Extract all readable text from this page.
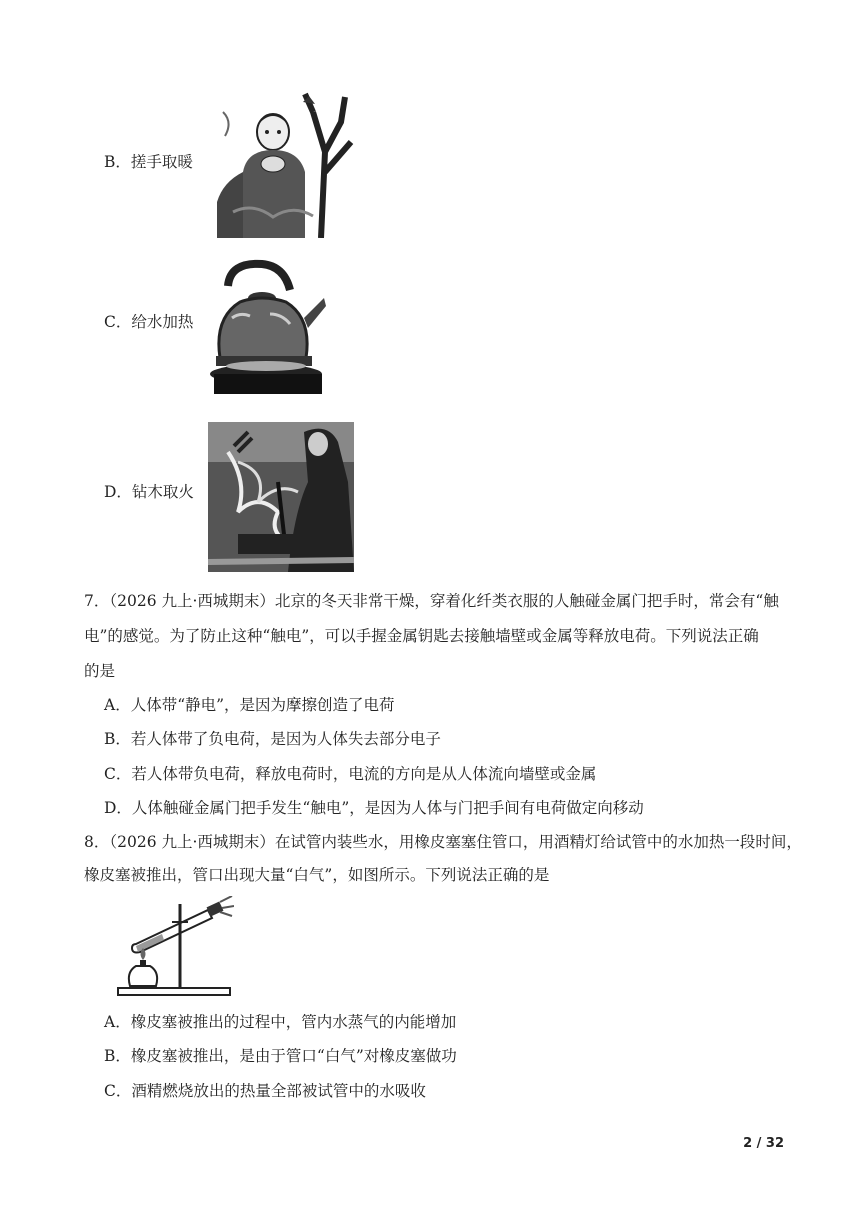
B．搓手取暖
C．给水加热
D．钻木取火
7．（2026 九上·西城期末）北京的冬天非常干燥，穿着化纤类衣服的人触碰金属门把手时，常会有“触
电”的感觉。为了防止这种“触电”，可以手握金属钥匙去接触墙壁或金属等释放电荷。下列说法正确
的是
A．人体带“静电”，是因为摩擦创造了电荷
B．若人体带了负电荷，是因为人体失去部分电子
C．若人体带负电荷，释放电荷时，电流的方向是从人体流向墙壁或金属
D．人体触碰金属门把手发生“触电”，是因为人体与门把手间有电荷做定向移动
8．（2026 九上·西城期末）在试管内装些水，用橡皮塞塞住管口，用酒精灯给试管中的水加热一段时间，
橡皮塞被推出，管口出现大量“白气”，如图所示。下列说法正确的是
A．橡皮塞被推出的过程中，管内水蒸气的内能增加
B．橡皮塞被推出，是由于管口“白气”对橡皮塞做功
C．酒精燃烧放出的热量全部被试管中的水吸收
2 / 32
